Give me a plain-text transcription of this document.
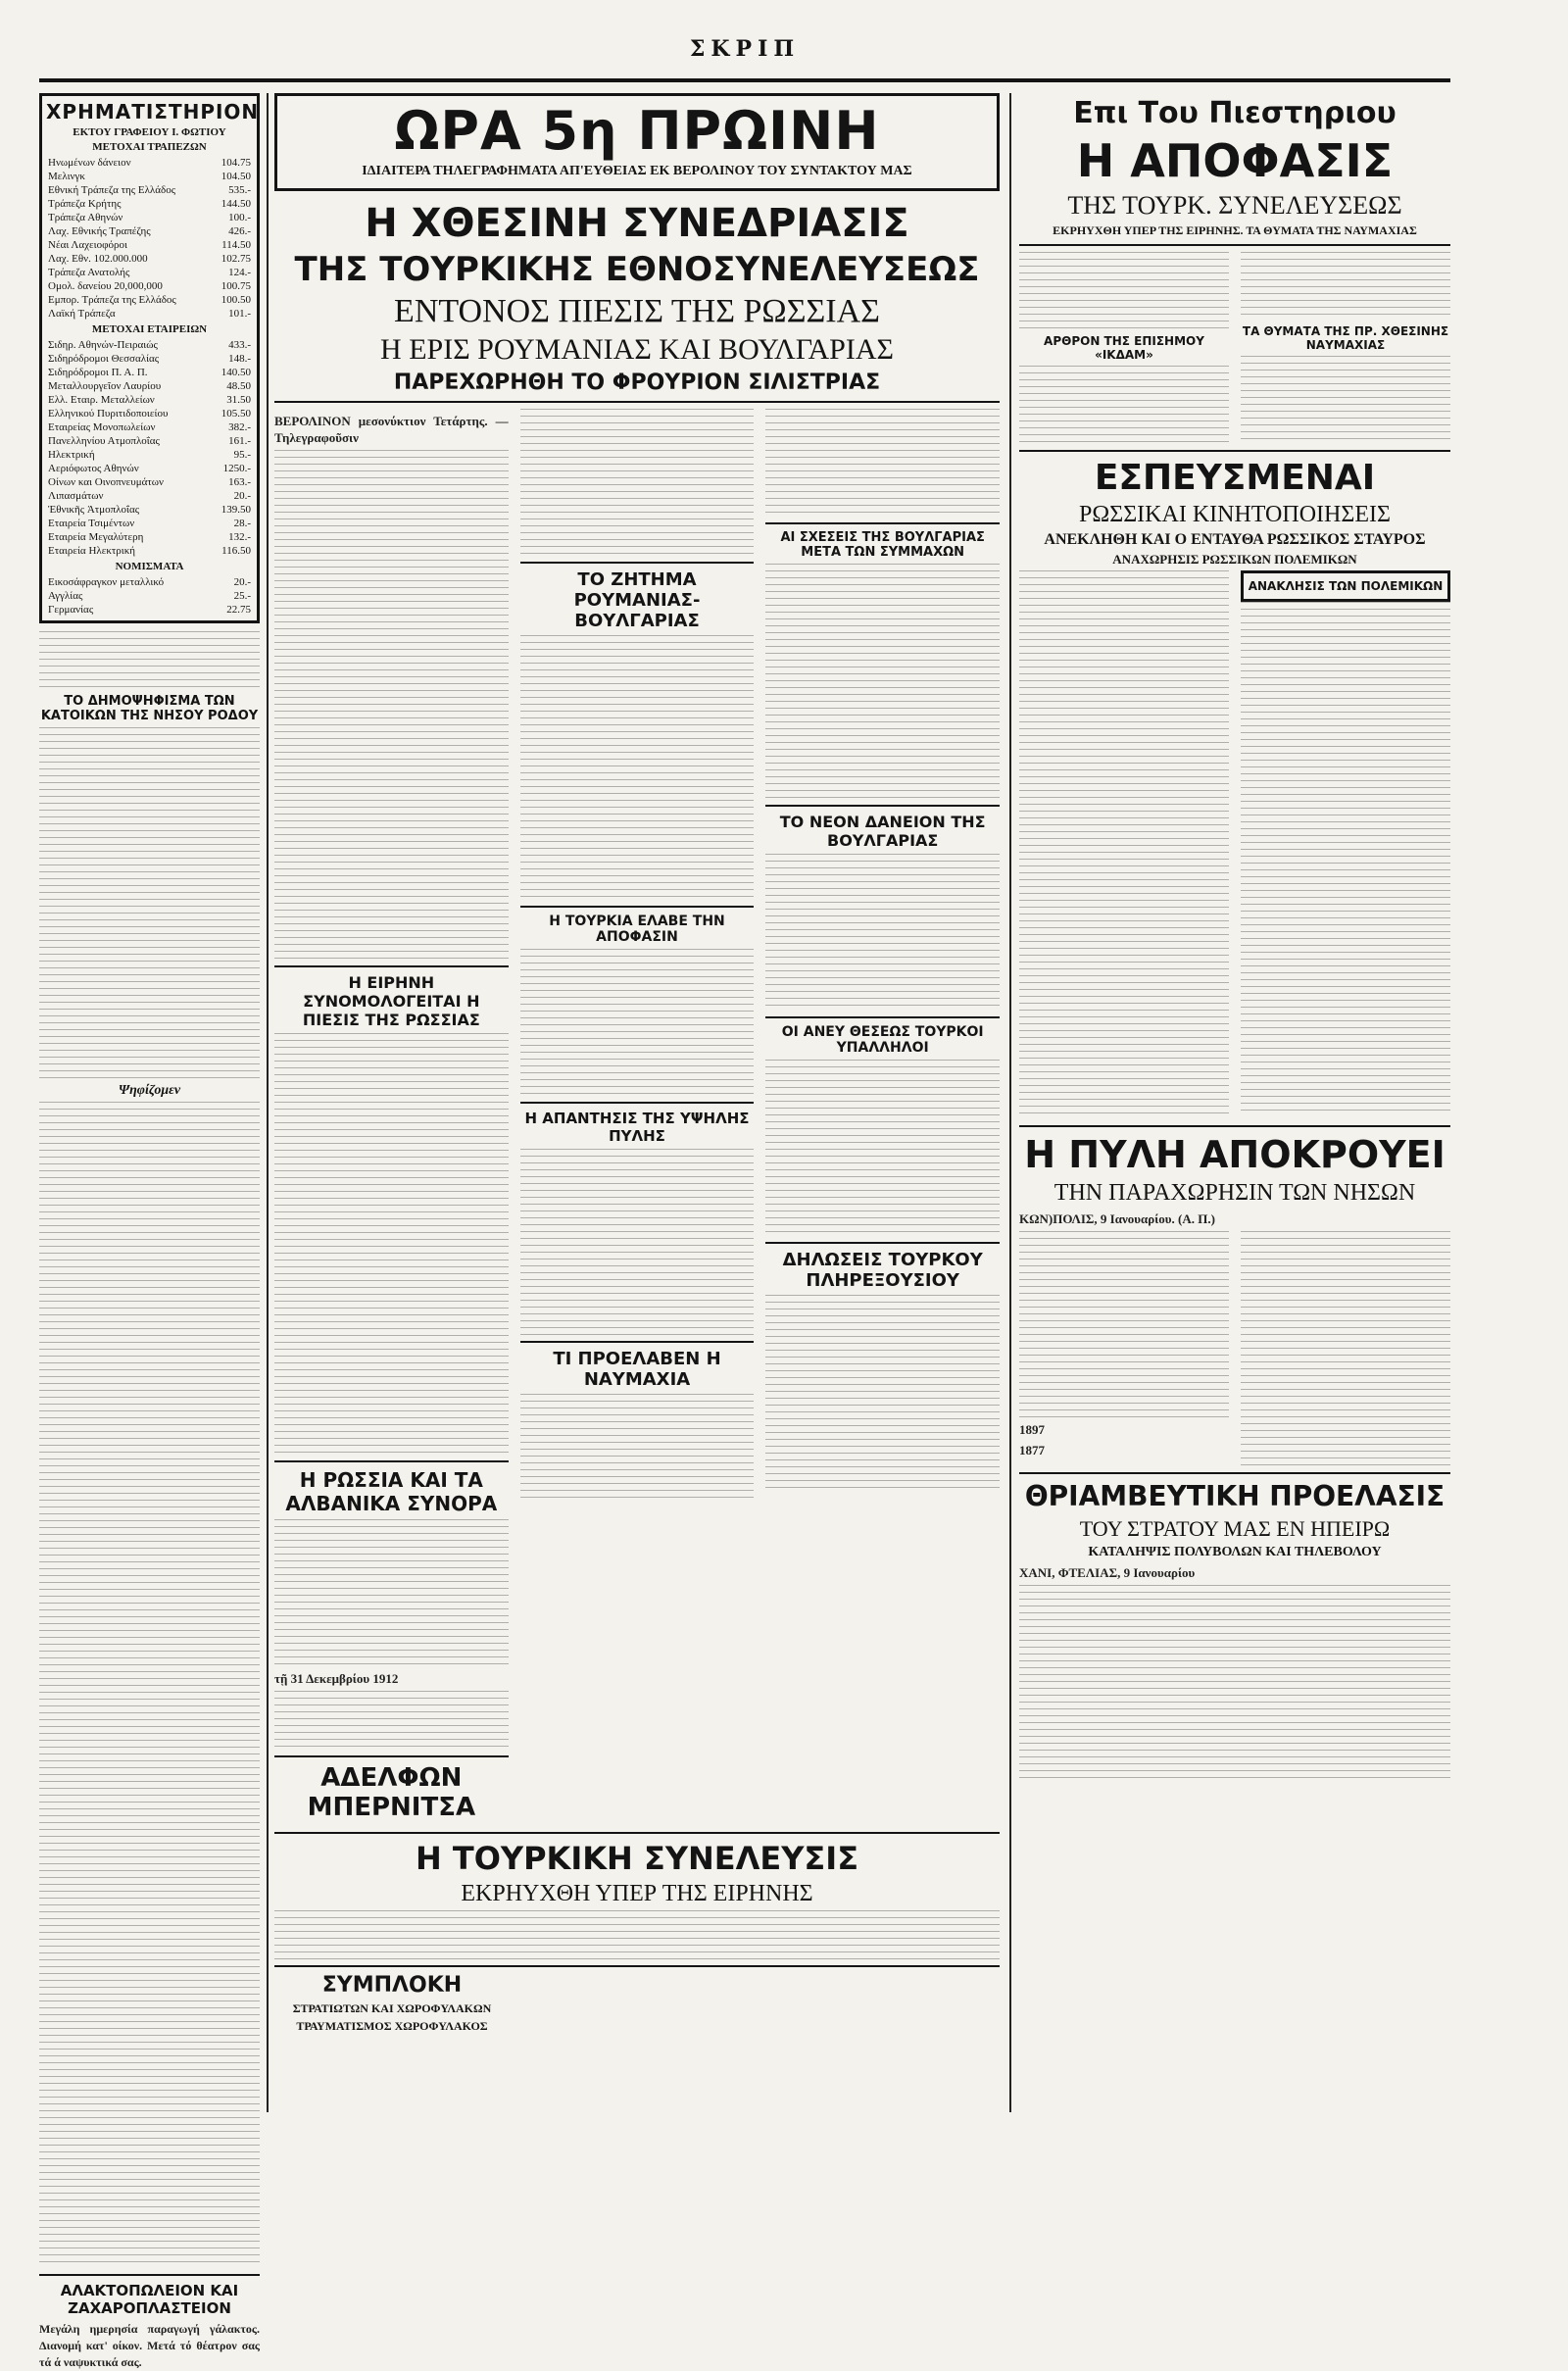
ΣΚΡΙΠ
ΧΡΗΜΑΤΙΣΤΗΡΙΟΝ
ΕΚΤΟΥ ΓΡΑΦΕΙΟΥ Ι. ΦΩΤΙΟΥ
ΜΕΤΟΧΑΙ ΤΡΑΠΕΖΩΝ
Ηνωμένων δάνειον	104.75
Μελινγκ	104.50
Εθνική Τράπεζα της Ελλάδος	535.-
Τράπεζα Κρήτης	144.50
Τράπεζα Αθηνών	100.-
Λαχ. Εθνικής Τραπέζης	426.-
Νέαι Λαχειοφόροι	114.50
Λαχ. Εθν. 102.000.000	102.75
Τράπεζα Ανατολής	124.-
Ομολ. δανείου 20,000,000	100.75
Εμπορ. Τράπεζα της Ελλάδος	100.50
Λαϊκή Τράπεζα	101.-
ΜΕΤΟΧΑΙ ΕΤΑΙΡΕΙΩΝ
Σιδηρ. Αθηνών-Πειραιώς	433.-
Σιδηρόδρομοι Θεσσαλίας	148.-
Σιδηρόδρομοι Π. Α. Π.	140.50
Μεταλλουργεῖον Λαυρίου	48.50
Ελλ. Εταιρ. Μεταλλείων	31.50
Ελληνικού Πυριτιδοποιείου	105.50
Εταιρείας Μονοπωλείων	382.-
Πανελληνίου Ατμοπλοΐας	161.-
Ηλεκτρική	95.-
Αεριόφωτος Αθηνών	1250.-
Οίνων και Οινοπνευμάτων	163.-
Λιπασμάτων	20.-
Ἐθνικῆς Ἀτμοπλοΐας	139.50
Εταιρεία Τσιμέντων	28.-
Εταιρεία Μεγαλύτερη	132.-
Εταιρεία Ηλεκτρική	116.50
ΝΟΜΙΣΜΑΤΑ
Εικοσάφραγκον μεταλλικό	20.-
Αγγλίας	25.-
Γερμανίας	22.75
ΤΟ ΔΗΜΟΨΗΦΙΣΜΑ ΤΩΝ ΚΑΤΟΙΚΩΝ ΤΗΣ ΝΗΣΟΥ ΡΟΔΟΥ
Ψηφίζομεν
ΑΛΑΚΤΟΠΩΛΕΙΟΝ ΚΑΙ ΖΑΧΑΡΟΠΛΑΣΤΕΙΟΝ
Μεγάλη ημερησία παραγωγή γάλακτος. Διανομή κατ' οίκον. Μετά τό θέατρον σας τά ά ναψυκτικά σας.
ΩΡΑ 5η ΠΡΩΙΝΗ
ΙΔΙΑΙΤΕΡΑ ΤΗΛΕΓΡΑΦΗΜΑΤΑ ΑΠ'ΕΥΘΕΙΑΣ ΕΚ ΒΕΡΟΛΙΝΟΥ ΤΟΥ ΣΥΝΤΑΚΤΟΥ ΜΑΣ
Η ΧΘΕΣΙΝΗ ΣΥΝΕΔΡΙΑΣΙΣ
ΤΗΣ ΤΟΥΡΚΙΚΗΣ ΕΘΝΟΣΥΝΕΛΕΥΣΕΩΣ
ΕΝΤΟΝΟΣ ΠΙΕΣΙΣ ΤΗΣ ΡΩΣΣΙΑΣ
Η ΕΡΙΣ ΡΟΥΜΑΝΙΑΣ ΚΑΙ ΒΟΥΛΓΑΡΙΑΣ
ΠΑΡΕΧΩΡΗΘΗ ΤΟ ΦΡΟΥΡΙΟΝ ΣΙΛΙΣΤΡΙΑΣ
ΒΕΡΟΛΙΝΟΝ μεσονύκτιον Τετάρτης. — Τηλεγραφοῦσιν
Η ΕΙΡΗΝΗ ΣΥΝΟΜΟΛΟΓΕΙΤΑΙ Η ΠΙΕΣΙΣ ΤΗΣ ΡΩΣΣΙΑΣ
Η ΡΩΣΣΙΑ ΚΑΙ ΤΑ ΑΛΒΑΝΙΚΑ ΣΥΝΟΡΑ
τῇ 31 Δεκεμβρίου 1912
ΑΔΕΛΦΩΝ ΜΠΕΡΝΙΤΣΑ
ΤΟ ΖΗΤΗΜΑ ΡΟΥΜΑΝΙΑΣ-ΒΟΥΛΓΑΡΙΑΣ
Η ΤΟΥΡΚΙΑ ΕΛΑΒΕ ΤΗΝ ΑΠΟΦΑΣΙΝ
Η ΑΠΑΝΤΗΣΙΣ ΤΗΣ ΥΨΗΛΗΣ ΠΥΛΗΣ
ΤΙ ΠΡΟΕΛΑΒΕΝ Η ΝΑΥΜΑΧΙΑ
ΑΙ ΣΧΕΣΕΙΣ ΤΗΣ ΒΟΥΛΓΑΡΙΑΣ ΜΕΤΑ ΤΩΝ ΣΥΜΜΑΧΩΝ
ΤΟ ΝΕΟΝ ΔΑΝΕΙΟΝ ΤΗΣ ΒΟΥΛΓΑΡΙΑΣ
ΟΙ ΑΝΕΥ ΘΕΣΕΩΣ ΤΟΥΡΚΟΙ ΥΠΑΛΛΗΛΟΙ
ΔΗΛΩΣΕΙΣ ΤΟΥΡΚΟΥ ΠΛΗΡΕΞΟΥΣΙΟΥ
Η ΤΟΥΡΚΙΚΗ ΣΥΝΕΛΕΥΣΙΣ
ΕΚΡΗΥΧΘΗ ΥΠΕΡ ΤΗΣ ΕΙΡΗΝΗΣ
ΣΥΜΠΛΟΚΗ
ΣΤΡΑΤΙΩΤΩΝ ΚΑΙ ΧΩΡΟΦΥΛΑΚΩΝ
ΤΡΑΥΜΑΤΙΣΜΟΣ ΧΩΡΟΦΥΛΑΚΟΣ
Επι Του Πιεστηριου
Η ΑΠΟΦΑΣΙΣ
ΤΗΣ ΤΟΥΡΚ. ΣΥΝΕΛΕΥΣΕΩΣ
ΕΚΡΗΥΧΘΗ ΥΠΕΡ ΤΗΣ ΕΙΡΗΝΗΣ. ΤΑ ΘΥΜΑΤΑ ΤΗΣ ΝΑΥΜΑΧΙΑΣ
ΑΡΘΡΟΝ ΤΗΣ ΕΠΙΣΗΜΟΥ «ΙΚΔΑΜ»
ΤΑ ΘΥΜΑΤΑ ΤΗΣ ΠΡ. ΧΘΕΣΙΝΗΣ ΝΑΥΜΑΧΙΑΣ
ΕΣΠΕΥΣΜΕΝΑΙ
ΡΩΣΣΙΚΑΙ ΚΙΝΗΤΟΠΟΙΗΣΕΙΣ
ΑΝΕΚΛΗΘΗ ΚΑΙ Ο ΕΝΤΑΥΘΑ ΡΩΣΣΙΚΟΣ ΣΤΑΥΡΟΣ
ΑΝΑΧΩΡΗΣΙΣ ΡΩΣΣΙΚΩΝ ΠΟΛΕΜΙΚΩΝ
ΑΝΑΚΛΗΣΙΣ ΤΩΝ ΠΟΛΕΜΙΚΩΝ
Η ΠΥΛΗ ΑΠΟΚΡΟΥΕΙ
ΤΗΝ ΠΑΡΑΧΩΡΗΣΙΝ ΤΩΝ ΝΗΣΩΝ
ΚΩΝ)ΠΟΛΙΣ, 9 Ιανουαρίου. (Α. Π.)
1897
1877
ΘΡΙΑΜΒΕΥΤΙΚΗ ΠΡΟΕΛΑΣΙΣ
ΤΟΥ ΣΤΡΑΤΟΥ ΜΑΣ ΕΝ ΗΠΕΙΡΩ
ΚΑΤΑΛΗΨΙΣ ΠΟΛΥΒΟΛΩΝ ΚΑΙ ΤΗΛΕΒΟΛΟΥ
ΧΑΝΙ, ΦΤΕΛΙΑΣ, 9 Ιανουαρίου
